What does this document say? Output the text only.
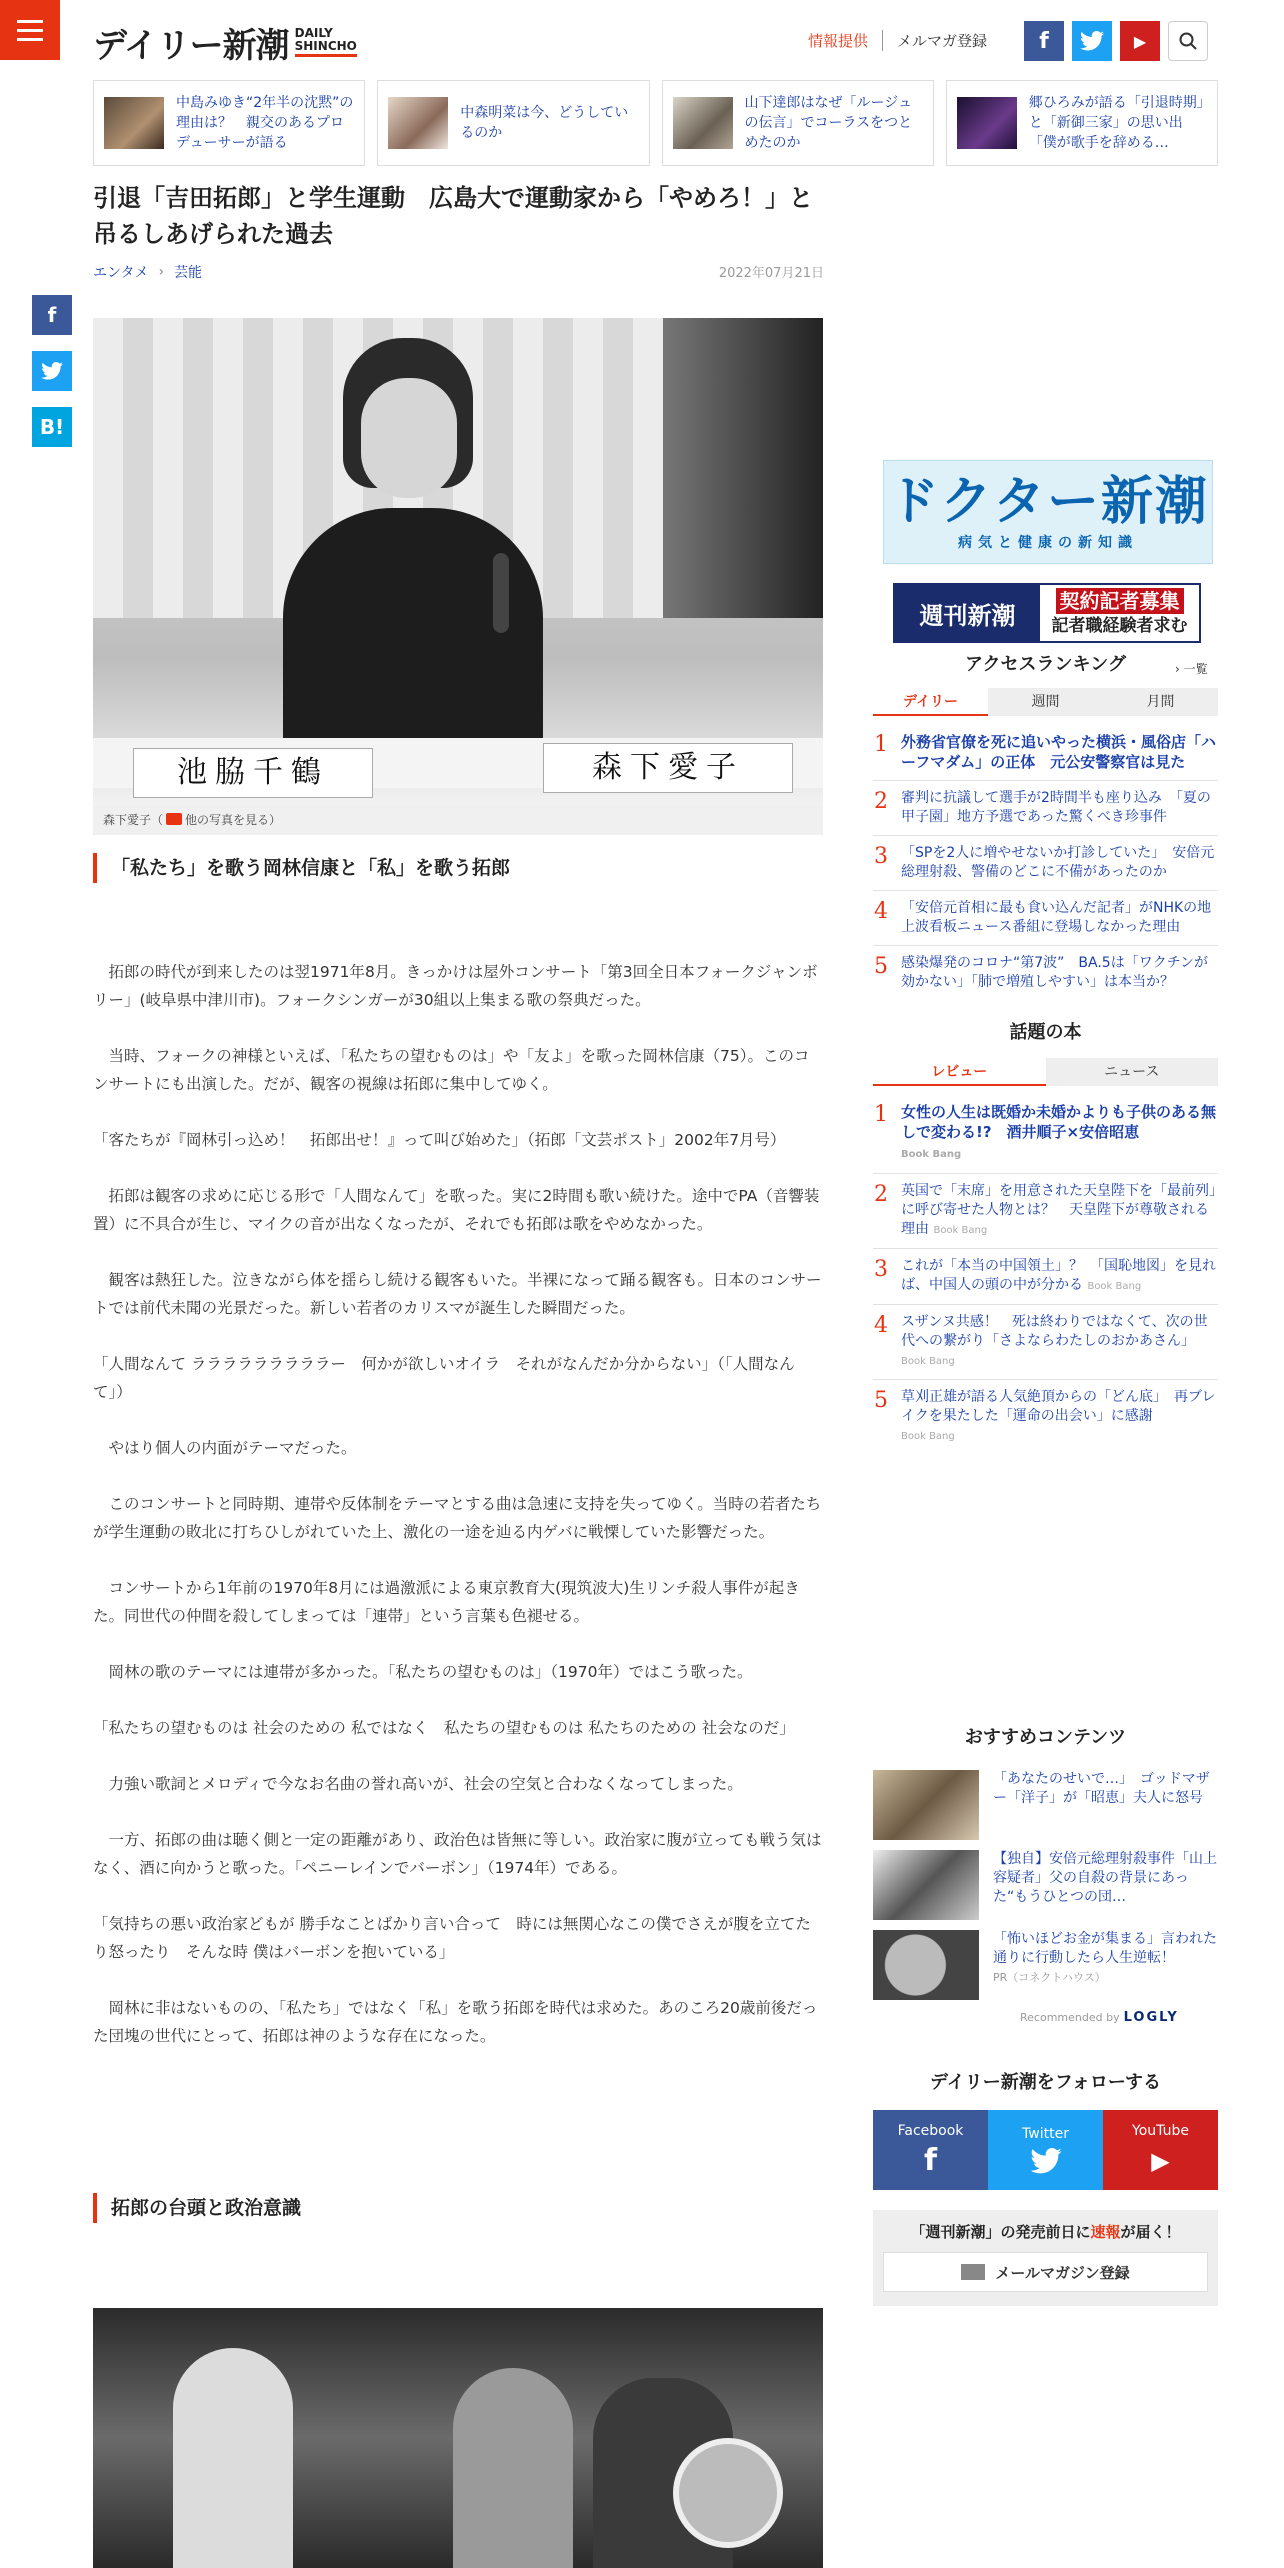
デイリー新潮 DAILY
SHINCHO	情報提供	メルマガ登録 f	▶
中島みゆき“2年半の沈黙”の理由は？　親交のあるプロデューサーが語る
中森明菜は今、どうしているのか
山下達郎はなぜ「ルージュの伝言」でコーラスをつとめたのか
郷ひろみが語る「引退時期」と「新御三家」の思い出　「僕が歌手を辞める…
引退「吉田拓郎」と学生運動　広島大で運動家から「やめろ！」と吊るしあげられた過去
エンタメ › 芸能	2022年07月21日
f
B!
池脇千鶴	森下愛子
森下愛子（ 他の写真を見る）
「私たち」を歌う岡林信康と「私」を歌う拓郎

拓郎の時代が到来したのは翌1971年8月。きっかけは屋外コンサート「第3回全日本フォークジャンボリー」(岐阜県中津川市)。フォークシンガーが30組以上集まる歌の祭典だった。

当時、フォークの神様といえば、「私たちの望むものは」や「友よ」を歌った岡林信康（75）。このコンサートにも出演した。だが、観客の視線は拓郎に集中してゆく。

「客たちが『岡林引っ込め！　拓郎出せ！』って叫び始めた」（拓郎「文芸ポスト」2002年7月号）

拓郎は観客の求めに応じる形で「人間なんて」を歌った。実に2時間も歌い続けた。途中でPA（音響装置）に不具合が生じ、マイクの音が出なくなったが、それでも拓郎は歌をやめなかった。

観客は熱狂した。泣きながら体を揺らし続ける観客もいた。半裸になって踊る観客も。日本のコンサートでは前代未聞の光景だった。新しい若者のカリスマが誕生した瞬間だった。

「人間なんて ラララララララララー　何かが欲しいオイラ　それがなんだか分からない」（「人間なんて」）

やはり個人の内面がテーマだった。

このコンサートと同時期、連帯や反体制をテーマとする曲は急速に支持を失ってゆく。当時の若者たちが学生運動の敗北に打ちひしがれていた上、激化の一途を辿る内ゲバに戦慄していた影響だった。

コンサートから1年前の1970年8月には過激派による東京教育大(現筑波大)生リンチ殺人事件が起きた。同世代の仲間を殺してしまっては「連帯」という言葉も色褪せる。

岡林の歌のテーマには連帯が多かった。「私たちの望むものは」（1970年）ではこう歌った。

「私たちの望むものは 社会のための 私ではなく　私たちの望むものは 私たちのための 社会なのだ」

力強い歌詞とメロディで今なお名曲の誉れ高いが、社会の空気と合わなくなってしまった。

一方、拓郎の曲は聴く側と一定の距離があり、政治色は皆無に等しい。政治家に腹が立っても戦う気はなく、酒に向かうと歌った。「ペニーレインでバーボン」（1974年）である。

「気持ちの悪い政治家どもが 勝手なことばかり言い合って　時には無関心なこの僕でさえが腹を立てたり怒ったり　そんな時 僕はバーボンを抱いている」

岡林に非はないものの、「私たち」ではなく「私」を歌う拓郎を時代は求めた。あのころ20歳前後だった団塊の世代にとって、拓郎は神のような存在になった。

拓郎の台頭と政治意識
ドクター新潮
病気と健康の新知識
週刊新潮	契約記者募集
記者職経験者求む
アクセスランキング	› 一覧
デイリー	週間	月間
1 外務省官僚を死に追いやった横浜・風俗店「ハーフマダム」の正体　元公安警察官は見た
2 審判に抗議して選手が2時間半も座り込み　「夏の甲子園」地方予選であった驚くべき珍事件
3 「SPを2人に増やせないか打診していた」　安倍元総理射殺、警備のどこに不備があったのか
4 「安倍元首相に最も食い込んだ記者」がNHKの地上波看板ニュース番組に登場しなかった理由
5 感染爆発のコロナ“第7波”　BA.5は「ワクチンが効かない」「肺で増殖しやすい」は本当か？
話題の本
レビュー	ニュース
1 女性の人生は既婚か未婚かよりも子供のある無しで変わる!?　酒井順子×安倍昭恵
Book Bang
2 英国で「末席」を用意された天皇陛下を「最前列」に呼び寄せた人物とは？　天皇陛下が尊敬される理由 Book Bang
3 これが「本当の中国領土」？　「国恥地図」を見れば、中国人の頭の中が分かる Book Bang
4 スザンヌ共感！　死は終わりではなくて、次の世代への繋がり「さよならわたしのおかあさん」 Book Bang
5 草刈正雄が語る人気絶頂からの「どん底」　再ブレイクを果たした「運命の出会い」に感謝
Book Bang
おすすめコンテンツ
「あなたのせいで…」　ゴッドマザー「洋子」が「昭恵」夫人に怒号
【独自】安倍元総理射殺事件「山上容疑者」父の自殺の背景にあった“もうひとつの団…
「怖いほどお金が集まる」言われた通りに行動したら人生逆転！
PR（コネクトハウス）
Recommended by LOGLY
デイリー新潮をフォローする
Facebook
f
Twitter	YouTube
▶
「週刊新潮」の発売前日に速報が届く！
メールマガジン登録
